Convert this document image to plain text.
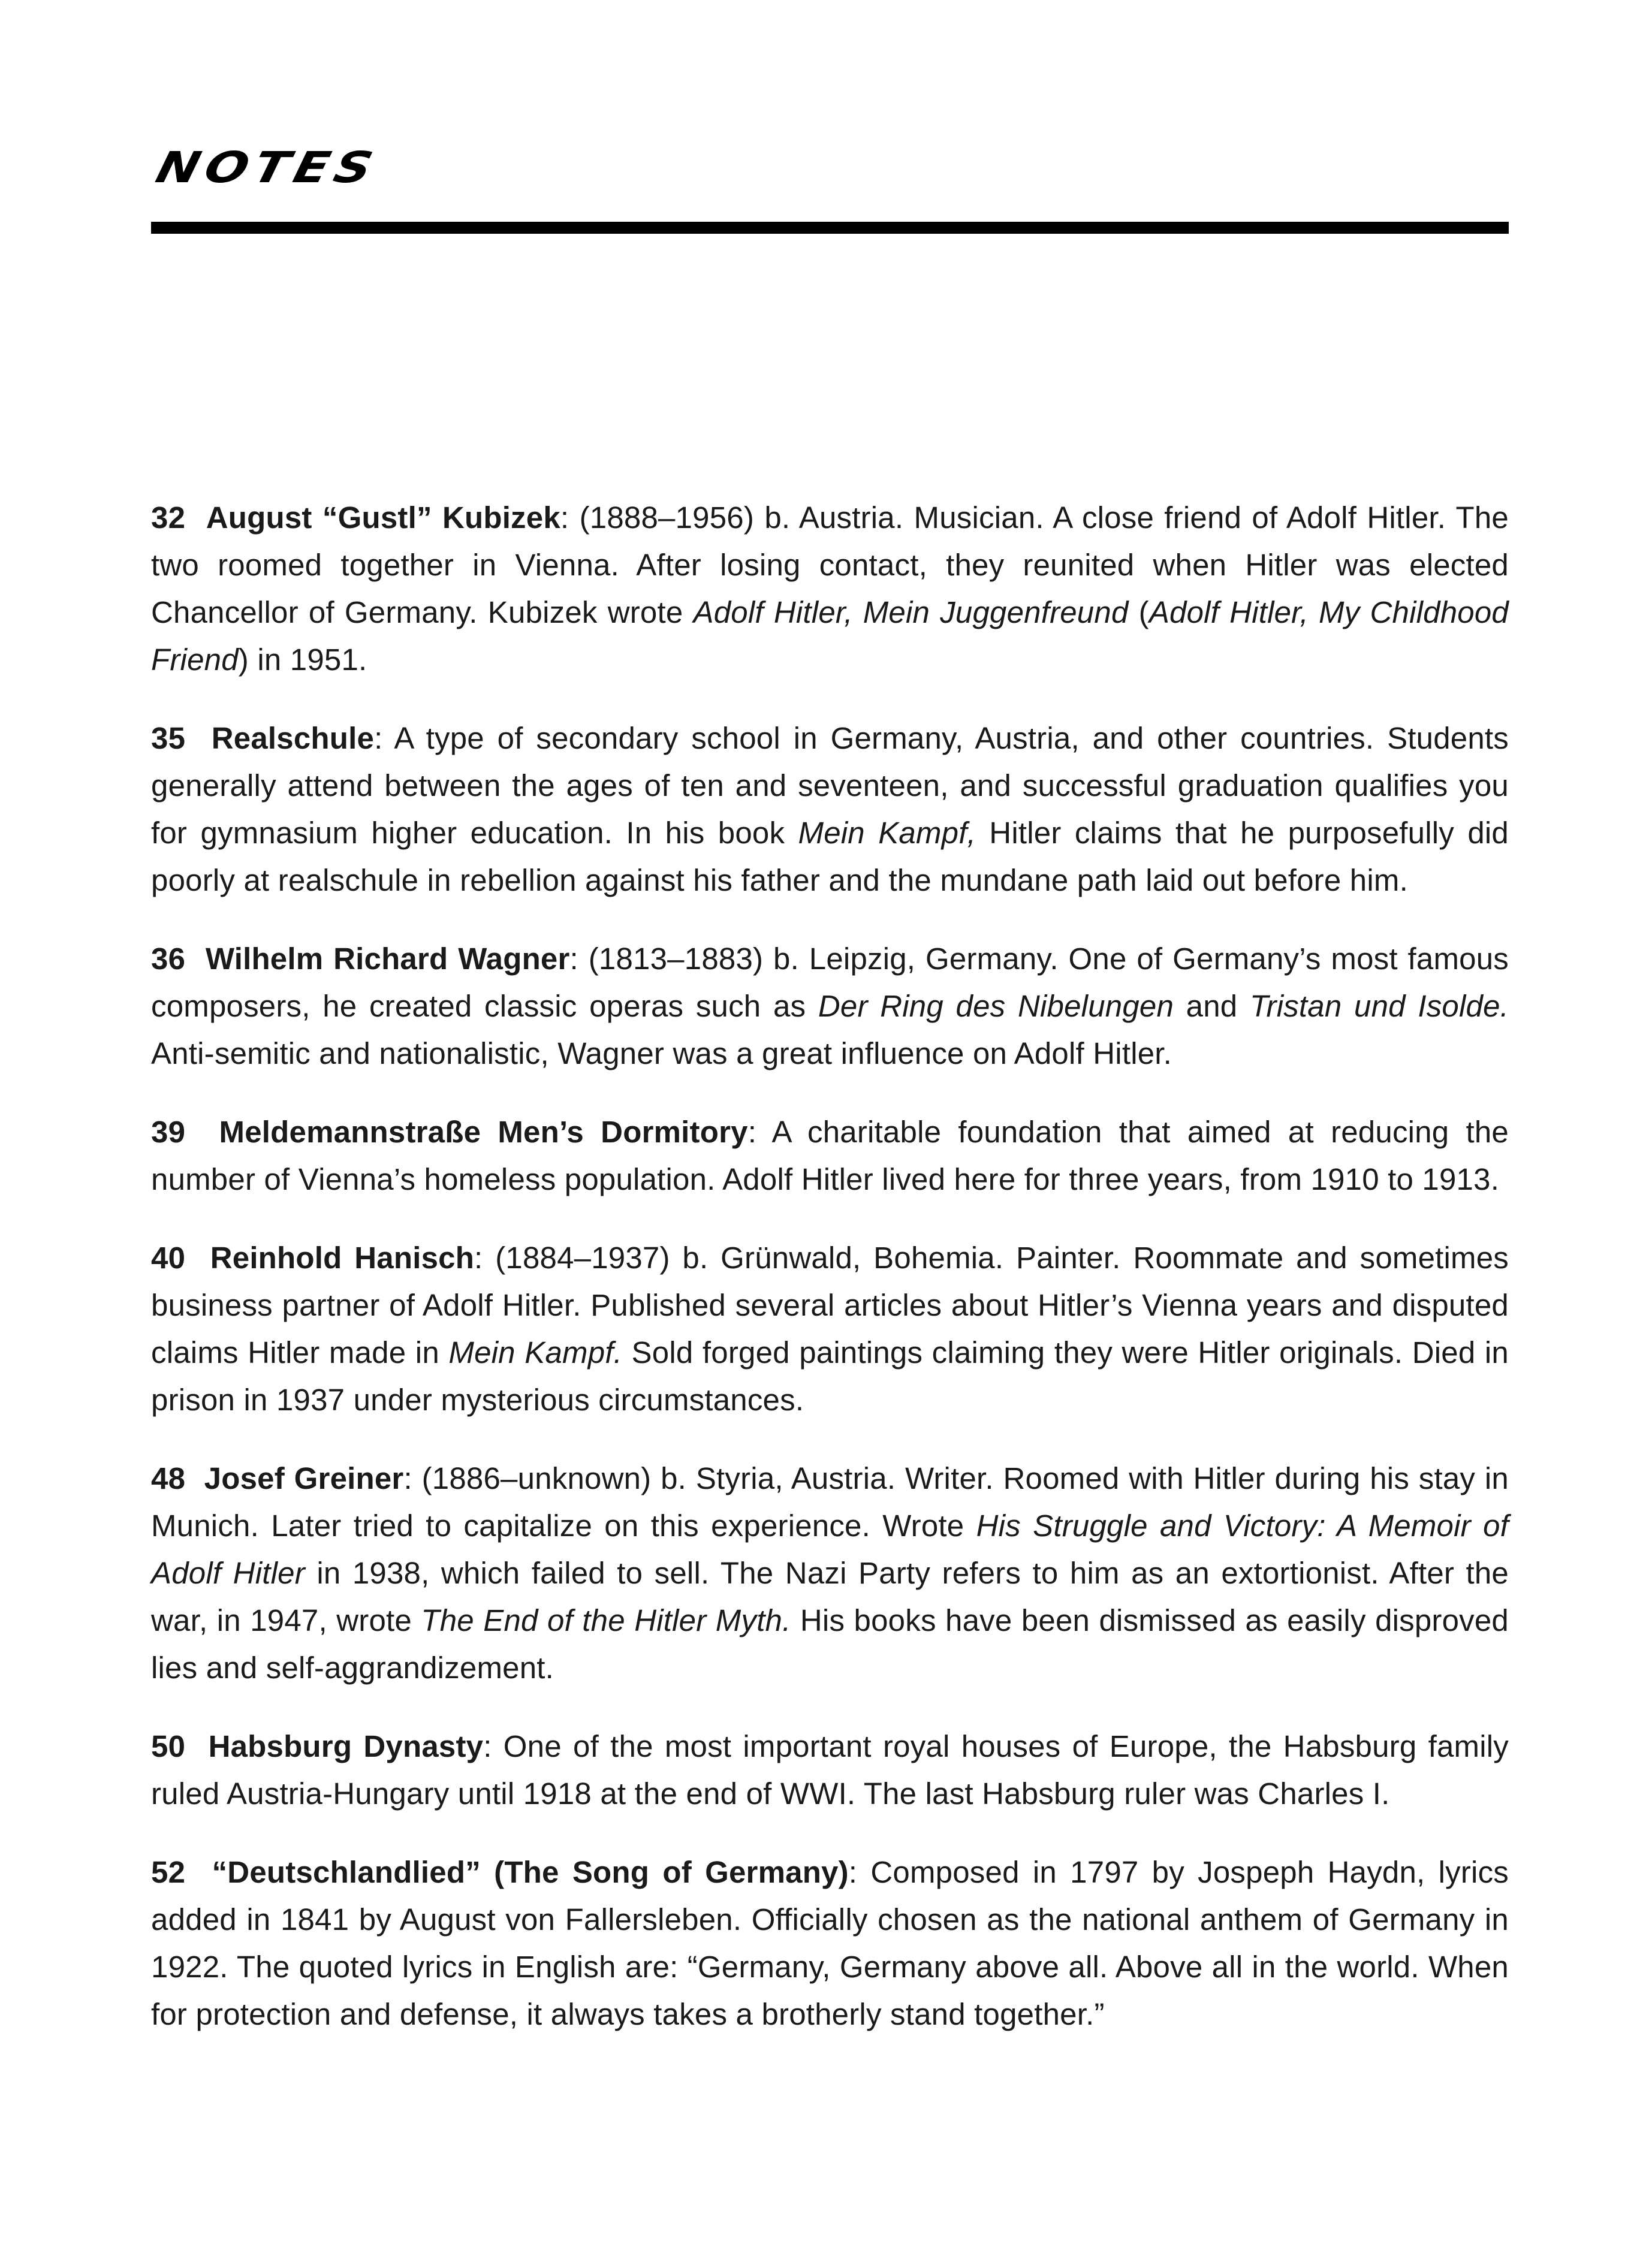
NOTES

32 August “Gustl” Kubizek: (1888–1956) b. Austria. Musician. A close friend of Adolf Hitler. The two roomed together in Vienna. After losing contact, they reunited when Hitler was elected Chancellor of Germany. Kubizek wrote Adolf Hitler, Mein Juggenfreund (Adolf Hitler, My Childhood Friend) in 1951.

35 Realschule: A type of secondary school in Germany, Austria, and other countries. Students generally attend between the ages of ten and seventeen, and successful graduation qualifies you for gymnasium higher education. In his book Mein Kampf, Hitler claims that he purposefully did poorly at realschule in rebellion against his father and the mundane path laid out before him.

36 Wilhelm Richard Wagner: (1813–1883) b. Leipzig, Germany. One of Germany’s most famous composers, he created classic operas such as Der Ring des Nibelungen and Tristan und Isolde. Anti-semitic and nationalistic, Wagner was a great influence on Adolf Hitler.

39 Meldemannstraße Men’s Dormitory: A charitable foundation that aimed at reducing the number of Vienna’s homeless population. Adolf Hitler lived here for three years, from 1910 to 1913.

40 Reinhold Hanisch: (1884–1937) b. Grünwald, Bohemia. Painter. Roommate and sometimes business partner of Adolf Hitler. Published several articles about Hitler’s Vienna years and disputed claims Hitler made in Mein Kampf. Sold forged paintings claiming they were Hitler originals. Died in prison in 1937 under mysterious circumstances.

48 Josef Greiner: (1886–unknown) b. Styria, Austria. Writer. Roomed with Hitler during his stay in Munich. Later tried to capitalize on this experience. Wrote His Struggle and Victory: A Memoir of Adolf Hitler in 1938, which failed to sell. The Nazi Party refers to him as an extortionist. After the war, in 1947, wrote The End of the Hitler Myth. His books have been dismissed as easily disproved lies and self-aggrandizement.

50 Habsburg Dynasty: One of the most important royal houses of Europe, the Habsburg family ruled Austria-Hungary until 1918 at the end of WWI. The last Habsburg ruler was Charles I.

52 “Deutschlandlied” (The Song of Germany): Composed in 1797 by Jospeph Haydn, lyrics added in 1841 by August von Fallersleben. Officially chosen as the national anthem of Germany in 1922. The quoted lyrics in English are: “Germany, Germany above all. Above all in the world. When for protection and defense, it always takes a brotherly stand together.”
